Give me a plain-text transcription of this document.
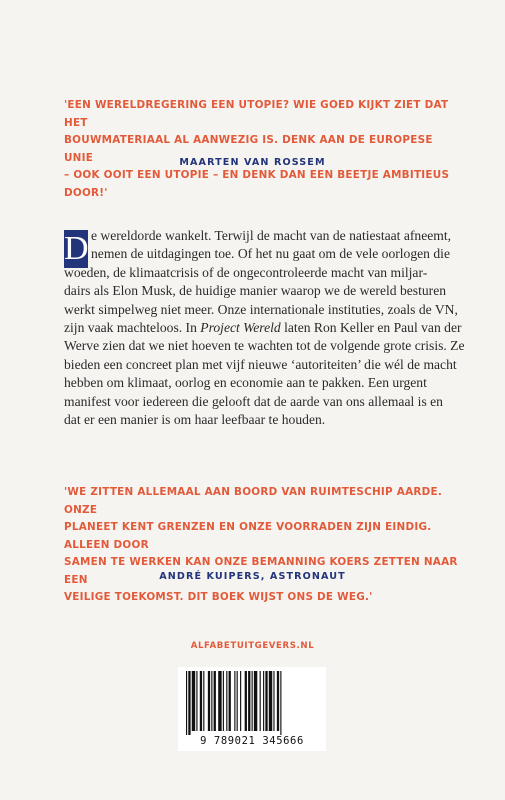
'EEN WERELDREGERING EEN UTOPIE? WIE GOED KIJKT ZIET DAT HET
BOUWMATERIAAL AL AANWEZIG IS. DENK AAN DE EUROPESE UNIE
– OOK OOIT EEN UTOPIE – EN DENK DAN EEN BEETJE AMBITIEUS DOOR!'
MAARTEN VAN ROSSEM
D e wereldorde wankelt. Terwijl de macht van de natiestaat afneemt,
nemen de uitdagingen toe. Of het nu gaat om de vele oorlogen die
woeden, de klimaatcrisis of de ongecontroleerde macht van miljar-
dairs als Elon Musk, de huidige manier waarop we de wereld besturen
werkt simpelweg niet meer. Onze internationale instituties, zoals de VN,
zijn vaak machteloos. In Project Wereld laten Ron Keller en Paul van der
Werve zien dat we niet hoeven te wachten tot de volgende grote crisis. Ze
bieden een concreet plan met vijf nieuwe ‘autoriteiten’ die wél de macht
hebben om klimaat, oorlog en economie aan te pakken. Een urgent
manifest voor iedereen die gelooft dat de aarde van ons allemaal is en
dat er een manier is om haar leefbaar te houden.
'WE ZITTEN ALLEMAAL AAN BOORD VAN RUIMTESCHIP AARDE. ONZE
PLANEET KENT GRENZEN EN ONZE VOORRADEN ZIJN EINDIG. ALLEEN DOOR
SAMEN TE WERKEN KAN ONZE BEMANNING KOERS ZETTEN NAAR EEN
VEILIGE TOEKOMST. DIT BOEK WIJST ONS DE WEG.'
ANDRÉ KUIPERS, ASTRONAUT
ALFABETUITGEVERS.NL
9 789021 345666
